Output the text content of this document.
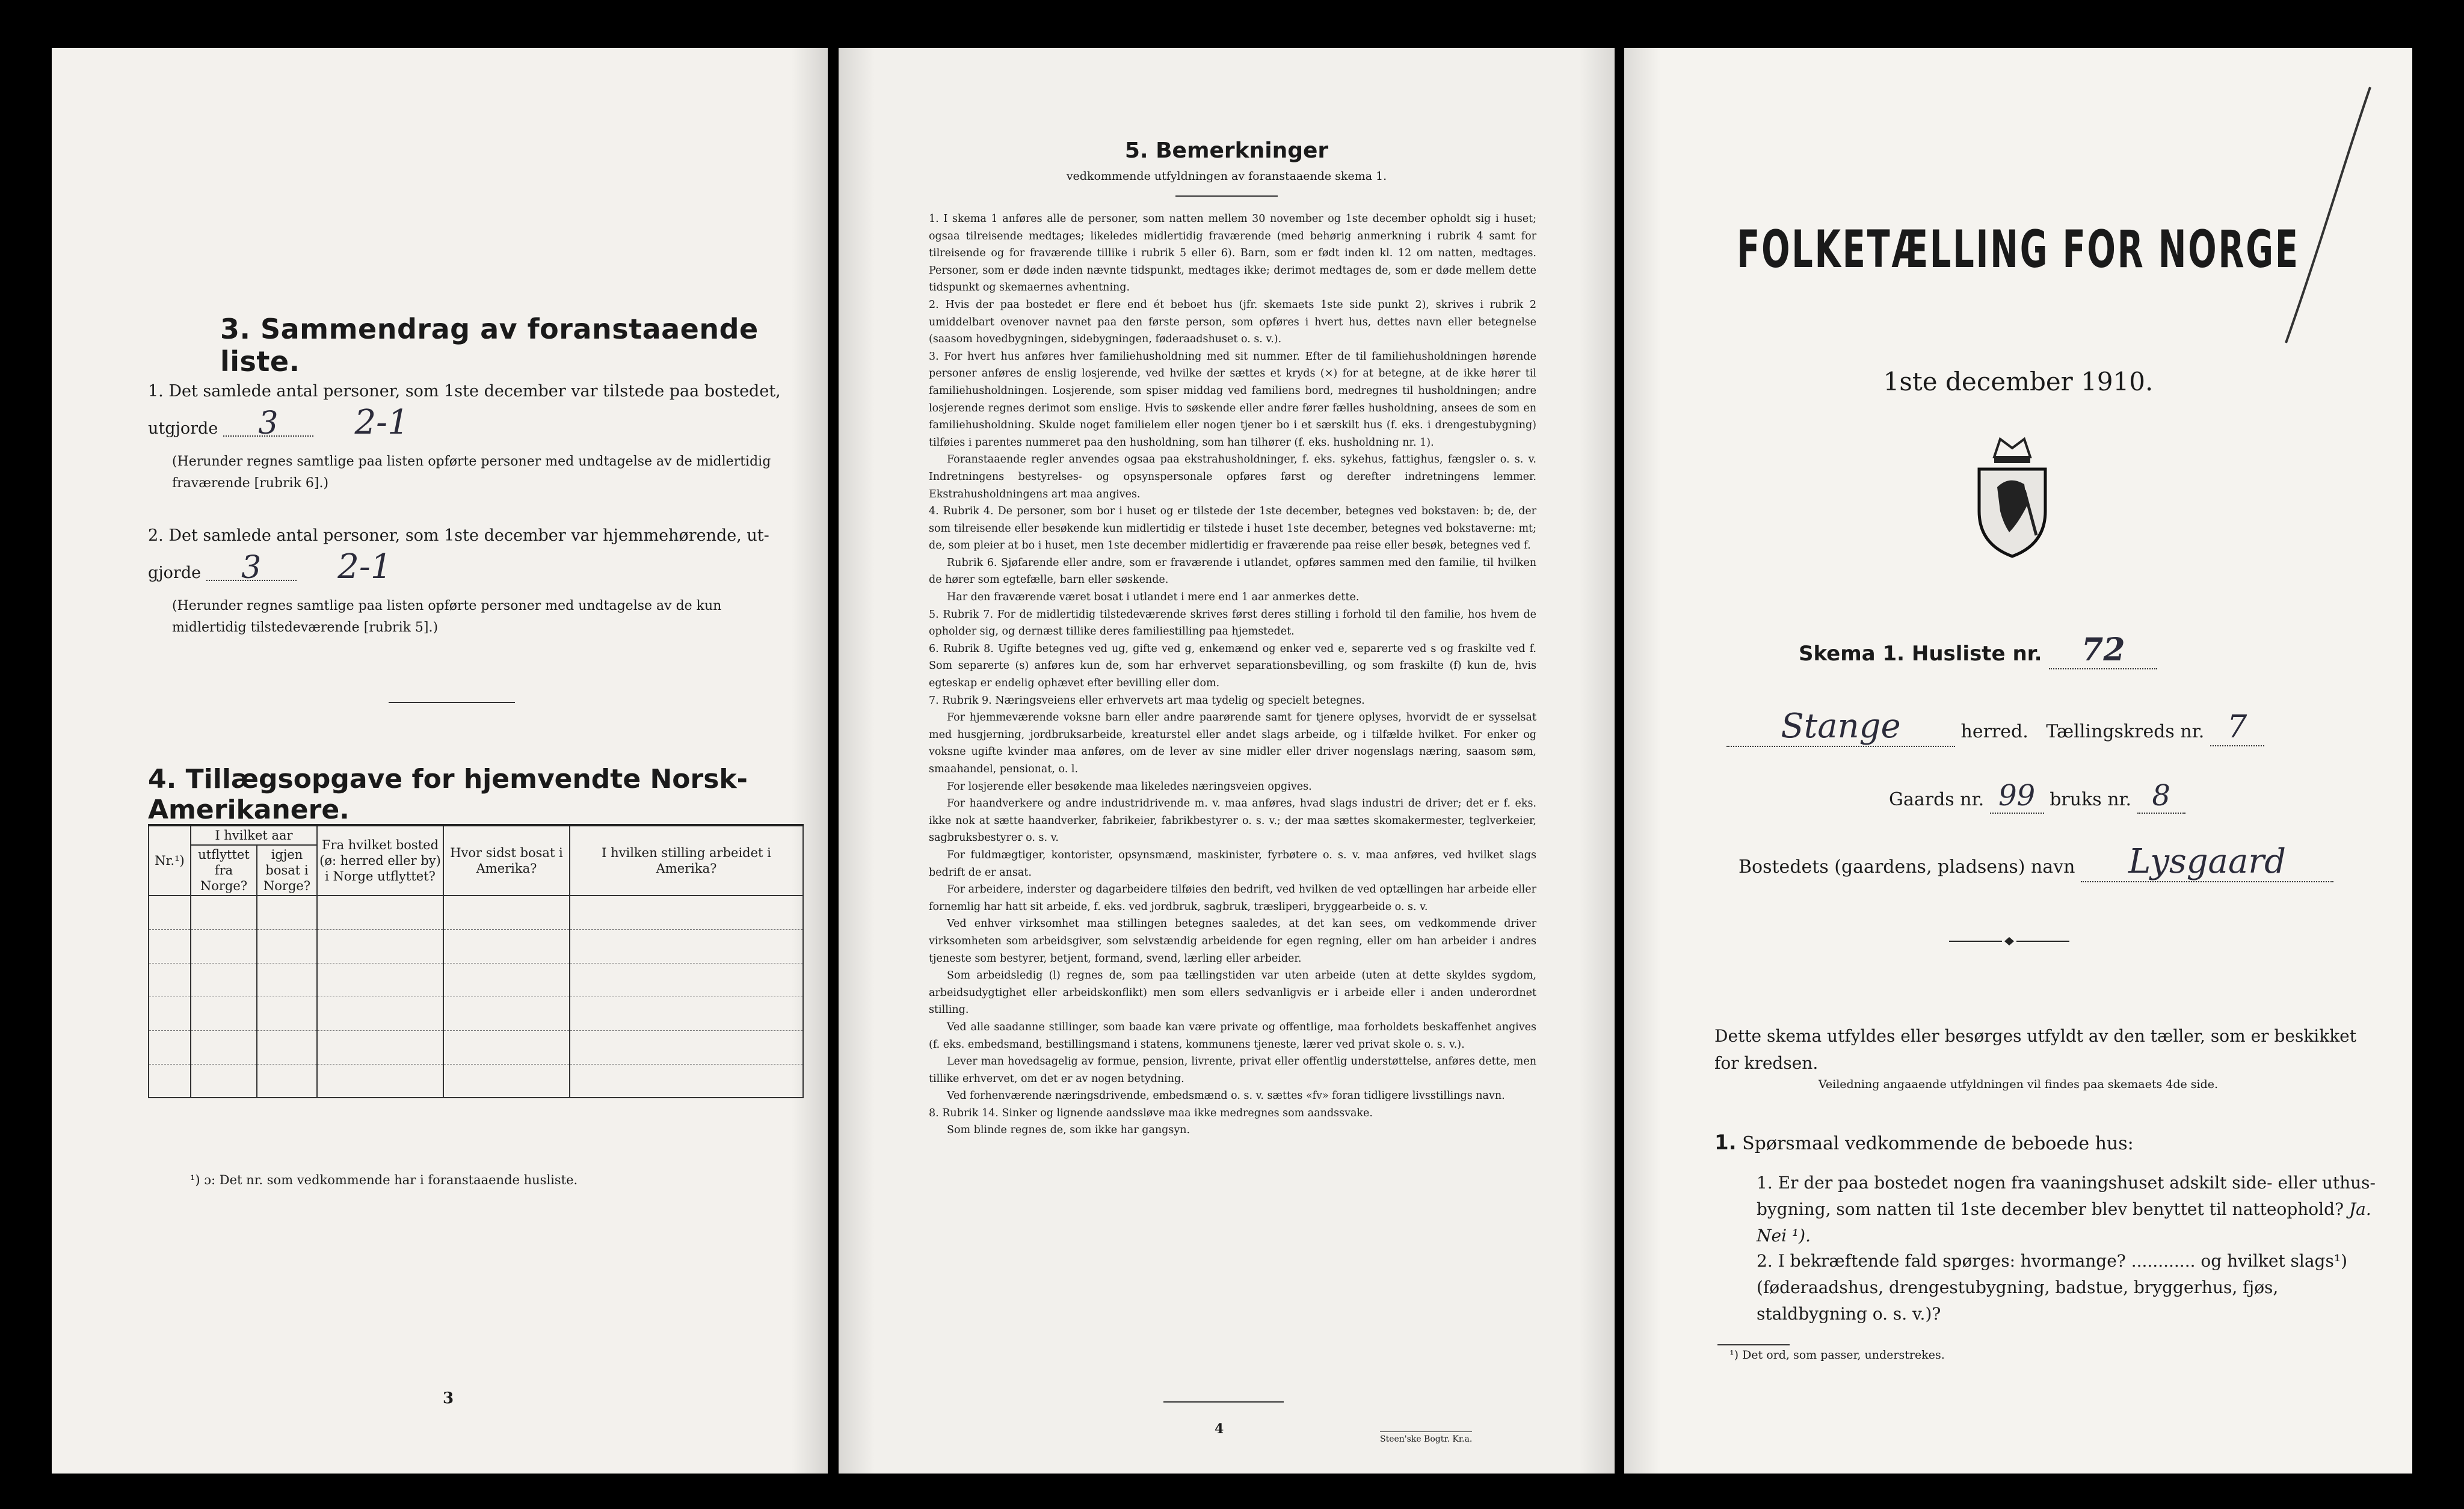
3. Sammendrag av foranstaaende liste.
1. Det samlede antal personer, som 1ste december var tilstede paa bostedet,
utgjorde 3 2-1
(Herunder regnes samtlige paa listen opførte personer med undtagelse av de midlertidig fraværende [rubrik 6].)
2. Det samlede antal personer, som 1ste december var hjemmehørende, ut-
gjorde 3 2-1
(Herunder regnes samtlige paa listen opførte personer med undtagelse av de kun midlertidig tilstedeværende [rubrik 5].)
4. Tillægsopgave for hjemvendte Norsk-Amerikanere.
Nr.¹)	I hvilket aar		Fra hvilket bosted (ø: herred eller by) i Norge utflyttet?	Hvor sidst bosat i Amerika?	I hvilken stilling arbeidet i Amerika?
	utflyttet fra Norge?	igjen bosat i Norge?			

¹) ɔ: Det nr. som vedkommende har i foranstaaende husliste.
3
5. Bemerkninger
vedkommende utfyldningen av foranstaaende skema 1.

1. I skema 1 anføres alle de personer, som natten mellem 30 november og 1ste december opholdt sig i huset; ogsaa tilreisende medtages; likeledes midlertidig fraværende (med behørig anmerkning i rubrik 4 samt for tilreisende og for fraværende tillike i rubrik 5 eller 6). Barn, som er født inden kl. 12 om natten, medtages. Personer, som er døde inden nævnte tidspunkt, medtages ikke; derimot medtages de, som er døde mellem dette tidspunkt og skemaernes avhentning.

2. Hvis der paa bostedet er flere end ét beboet hus (jfr. skemaets 1ste side punkt 2), skrives i rubrik 2 umiddelbart ovenover navnet paa den første person, som opføres i hvert hus, dettes navn eller betegnelse (saasom hovedbygningen, sidebygningen, føderaadshuset o. s. v.).

3. For hvert hus anføres hver familiehusholdning med sit nummer. Efter de til familiehusholdningen hørende personer anføres de enslig losjerende, ved hvilke der sættes et kryds (×) for at betegne, at de ikke hører til familiehusholdningen. Losjerende, som spiser middag ved familiens bord, medregnes til husholdningen; andre losjerende regnes derimot som enslige. Hvis to søskende eller andre fører fælles husholdning, ansees de som en familiehusholdning. Skulde noget familielem eller nogen tjener bo i et særskilt hus (f. eks. i drengestubygning) tilføies i parentes nummeret paa den husholdning, som han tilhører (f. eks. husholdning nr. 1).

Foranstaaende regler anvendes ogsaa paa ekstrahusholdninger, f. eks. sykehus, fattighus, fængsler o. s. v. Indretningens bestyrelses- og opsynspersonale opføres først og derefter indretningens lemmer. Ekstrahusholdningens art maa angives.

4. Rubrik 4. De personer, som bor i huset og er tilstede der 1ste december, betegnes ved bokstaven: b; de, der som tilreisende eller besøkende kun midlertidig er tilstede i huset 1ste december, betegnes ved bokstaverne: mt; de, som pleier at bo i huset, men 1ste december midlertidig er fraværende paa reise eller besøk, betegnes ved f.

Rubrik 6. Sjøfarende eller andre, som er fraværende i utlandet, opføres sammen med den familie, til hvilken de hører som egtefælle, barn eller søskende.

Har den fraværende været bosat i utlandet i mere end 1 aar anmerkes dette.

5. Rubrik 7. For de midlertidig tilstedeværende skrives først deres stilling i forhold til den familie, hos hvem de opholder sig, og dernæst tillike deres familiestilling paa hjemstedet.

6. Rubrik 8. Ugifte betegnes ved ug, gifte ved g, enkemænd og enker ved e, separerte ved s og fraskilte ved f. Som separerte (s) anføres kun de, som har erhvervet separationsbevilling, og som fraskilte (f) kun de, hvis egteskap er endelig ophævet efter bevilling eller dom.

7. Rubrik 9. Næringsveiens eller erhvervets art maa tydelig og specielt betegnes.

For hjemmeværende voksne barn eller andre paarørende samt for tjenere oplyses, hvorvidt de er sysselsat med husgjerning, jordbruksarbeide, kreaturstel eller andet slags arbeide, og i tilfælde hvilket. For enker og voksne ugifte kvinder maa anføres, om de lever av sine midler eller driver nogenslags næring, saasom søm, smaahandel, pensionat, o. l.

For losjerende eller besøkende maa likeledes næringsveien opgives.

For haandverkere og andre industridrivende m. v. maa anføres, hvad slags industri de driver; det er f. eks. ikke nok at sætte haandverker, fabrikeier, fabrikbestyrer o. s. v.; der maa sættes skomakermester, teglverkeier, sagbruksbestyrer o. s. v.

For fuldmægtiger, kontorister, opsynsmænd, maskinister, fyrbøtere o. s. v. maa anføres, ved hvilket slags bedrift de er ansat.

For arbeidere, inderster og dagarbeidere tilføies den bedrift, ved hvilken de ved optællingen har arbeide eller fornemlig har hatt sit arbeide, f. eks. ved jordbruk, sagbruk, træsliperi, bryggearbeide o. s. v.

Ved enhver virksomhet maa stillingen betegnes saaledes, at det kan sees, om vedkommende driver virksomheten som arbeidsgiver, som selvstændig arbeidende for egen regning, eller om han arbeider i andres tjeneste som bestyrer, betjent, formand, svend, lærling eller arbeider.

Som arbeidsledig (l) regnes de, som paa tællingstiden var uten arbeide (uten at dette skyldes sygdom, arbeidsudygtighet eller arbeidskonflikt) men som ellers sedvanligvis er i arbeide eller i anden underordnet stilling.

Ved alle saadanne stillinger, som baade kan være private og offentlige, maa forholdets beskaffenhet angives (f. eks. embedsmand, bestillingsmand i statens, kommunens tjeneste, lærer ved privat skole o. s. v.).

Lever man hovedsagelig av formue, pension, livrente, privat eller offentlig understøttelse, anføres dette, men tillike erhvervet, om det er av nogen betydning.

Ved forhenværende næringsdrivende, embedsmænd o. s. v. sættes «fv» foran tidligere livsstillings navn.

8. Rubrik 14. Sinker og lignende aandssløve maa ikke medregnes som aandssvake.

Som blinde regnes de, som ikke har gangsyn.

4
Steen'ske Bogtr. Kr.a.
FOLKETÆLLING FOR NORGE
1ste december 1910.
Skema 1. Husliste nr. 72
Stange	herred. Tællingskreds nr. 7
Gaards nr. 99 bruks nr. 8
Bostedets (gaardens, pladsens) navn Lysgaard
Dette skema utfyldes eller besørges utfyldt av den tæller, som er beskikket for kredsen.
Veiledning angaaende utfyldningen vil findes paa skemaets 4de side.
1. Spørsmaal vedkommende de beboede hus:
1. Er der paa bostedet nogen fra vaaningshuset adskilt side- eller uthus-bygning, som natten til 1ste december blev benyttet til natteophold? Ja. Nei ¹).
2. I bekræftende fald spørges: hvormange? ............ og hvilket slags¹) (føderaadshus, drengestubygning, badstue, bryggerhus, fjøs, staldbygning o. s. v.)?
¹) Det ord, som passer, understrekes.
